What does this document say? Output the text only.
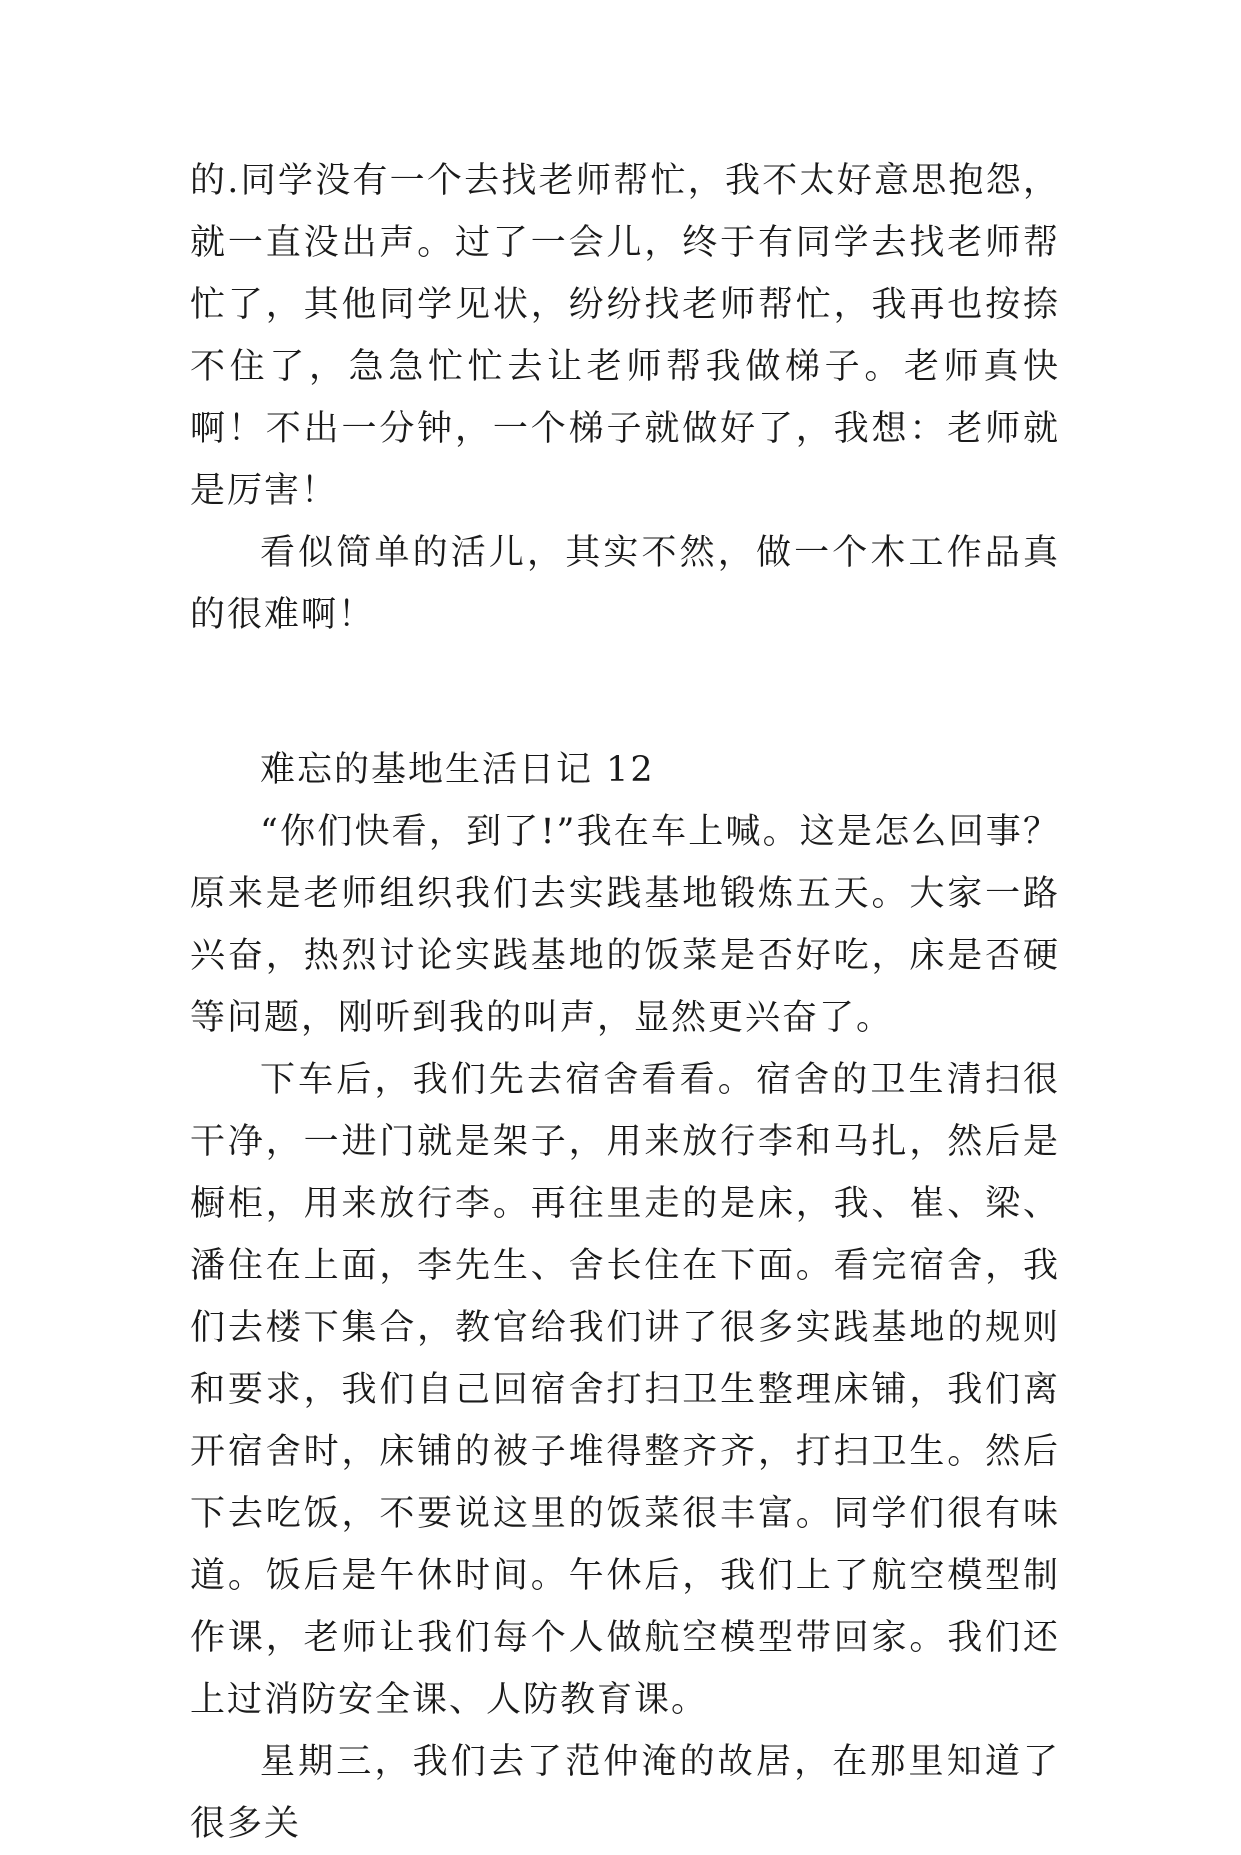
的.同学没有一个去找老师帮忙，我不太好意思抱怨，就一直没出声。过了一会儿，终于有同学去找老师帮忙了，其他同学见状，纷纷找老师帮忙，我再也按捺不住了，急急忙忙去让老师帮我做梯子。老师真快啊！不出一分钟，一个梯子就做好了，我想：老师就是厉害！

看似简单的活儿，其实不然，做一个木工作品真的很难啊！

难忘的基地生活日记 12

“你们快看，到了!”我在车上喊。这是怎么回事？原来是老师组织我们去实践基地锻炼五天。大家一路兴奋，热烈讨论实践基地的饭菜是否好吃，床是否硬等问题，刚听到我的叫声，显然更兴奋了。

下车后，我们先去宿舍看看。宿舍的卫生清扫很干净，一进门就是架子，用来放行李和马扎，然后是橱柜，用来放行李。再往里走的是床，我、崔、梁、潘住在上面，李先生、舍长住在下面。看完宿舍，我们去楼下集合，教官给我们讲了很多实践基地的规则和要求，我们自己回宿舍打扫卫生整理床铺，我们离开宿舍时，床铺的被子堆得整齐齐，打扫卫生。然后下去吃饭，不要说这里的饭菜很丰富。同学们很有味道。饭后是午休时间。午休后，我们上了航空模型制作课，老师让我们每个人做航空模型带回家。我们还上过消防安全课、人防教育课。

星期三，我们去了范仲淹的故居，在那里知道了很多关
